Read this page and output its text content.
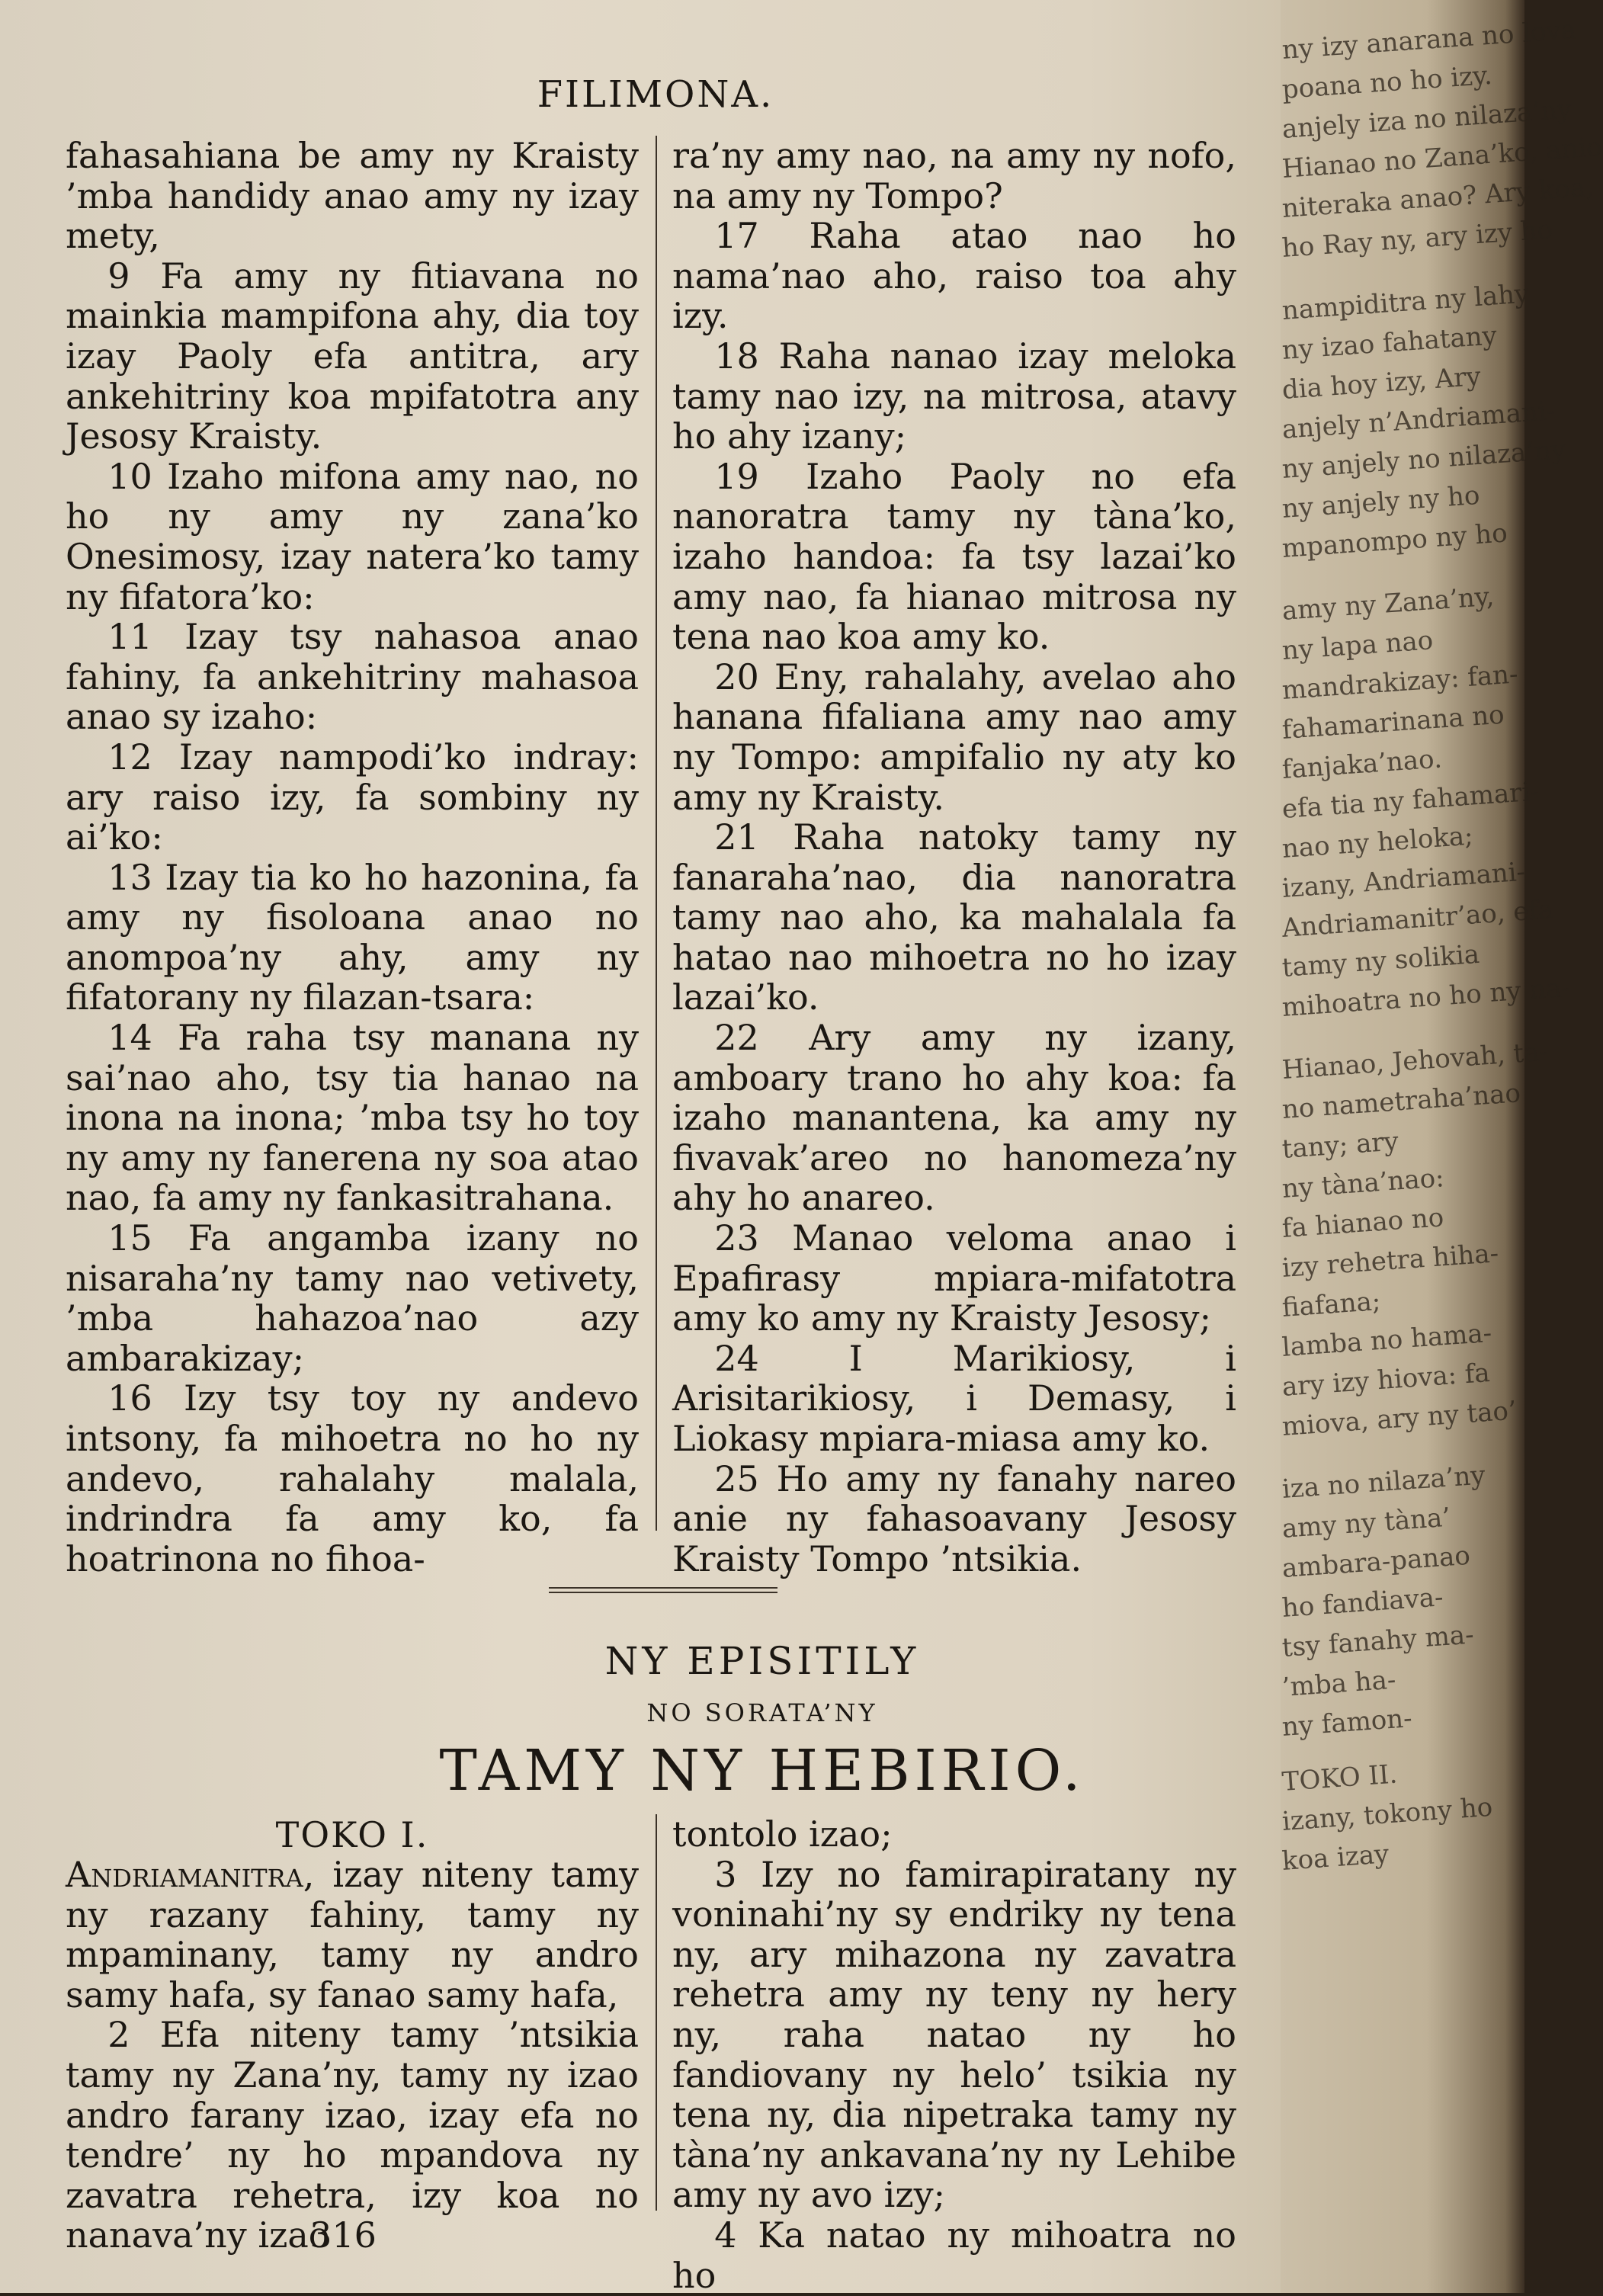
FILIMONA.

fahasahiana be amy ny Kraisty ’mba handidy anao amy ny izay mety,

9 Fa amy ny fitiavana no mainkia mampifona ahy, dia toy izay Paoly efa antitra, ary ankehitriny koa mpifatotra any Jesosy Kraisty.

10 Izaho mifona amy nao, no ho ny amy ny zana’ko Onesimosy, izay natera’ko tamy ny fifatora’ko:

11 Izay tsy nahasoa anao fahiny, fa ankehitriny mahasoa anao sy izaho:

12 Izay nampodi’ko indray: ary raiso izy, fa sombiny ny ai’ko:

13 Izay tia ko ho hazonina, fa amy ny fisoloana anao no anompoa’ny ahy, amy ny fifatorany ny filazan-tsara:

14 Fa raha tsy manana ny sai’nao aho, tsy tia hanao na inona na inona; ’mba tsy ho toy ny amy ny fanerena ny soa atao nao, fa amy ny fankasitrahana.

15 Fa angamba izany no nisaraha’ny tamy nao vetivety, ’mba hahazoa’nao azy ambarakizay;

16 Izy tsy toy ny andevo intsony, fa mihoetra no ho ny andevo, rahalahy malala, indrindra fa amy ko, fa hoatrinona no fihoa-

ra’ny amy nao, na amy ny nofo, na amy ny Tompo?

17 Raha atao nao ho nama’nao aho, raiso toa ahy izy.

18 Raha nanao izay meloka tamy nao izy, na mitrosa, atavy ho ahy izany;

19 Izaho Paoly no efa nanoratra tamy ny tàna’ko, izaho handoa: fa tsy lazai’ko amy nao, fa hianao mitrosa ny tena nao koa amy ko.

20 Eny, rahalahy, avelao aho hanana fifaliana amy nao amy ny Tompo: ampifalio ny aty ko amy ny Kraisty.

21 Raha natoky tamy ny fanaraha’nao, dia nanoratra tamy nao aho, ka mahalala fa hatao nao mihoetra no ho izay lazai’ko.

22 Ary amy ny izany, amboary trano ho ahy koa: fa izaho manantena, ka amy ny fivavak’areo no hanomeza’ny ahy ho anareo.

23 Manao veloma anao i Epafirasy mpiara-mifatotra amy ko amy ny Kraisty Jesosy;

24 I Marikiosy, i Arisitarikiosy, i Demasy, i Liokasy mpiara-miasa amy ko.

25 Ho amy ny fanahy nareo anie ny fahasoavany Jesosy Kraisty Tompo ’ntsikia.

NY EPISITILY
NO SORATA’NY
TAMY NY HEBIRIO.
TOKO I.

Andriamanitra, izay niteny tamy ny razany fahiny, tamy ny mpaminany, tamy ny andro samy hafa, sy fanao samy hafa,

2 Efa niteny tamy ’ntsikia tamy ny Zana’ny, tamy ny izao andro farany izao, izay efa no tendre’ ny ho mpandova ny zavatra rehetra, izy koa no nanava’ny izao

tontolo izao;

3 Izy no famirapiratany ny voninahi’ny sy endriky ny tena ny, ary mihazona ny zavatra rehetra amy ny teny ny hery ny, raha natao ny ho fandiovany ny helo’ tsikia ny tena ny, dia nipetraka tamy ny tàna’ny ankavana’ny ny Lehibe amy ny avo izy;

4 Ka natao ny mihoatra no ho

316
ny izy anarana no lova
poana no ho izy.
anjely iza no nilaza’ny
Hianao no Zana’ko, anio
niteraka anao? Ary koa,
ho Ray ny, ary izy ho
nampiditra ny lahy
ny izao fahatany
dia hoy izy, Ary
anjely n’Andriamani-
ny anjely no nilaza’ny
ny anjely ny ho
mpanompo ny ho
amy ny Zana’ny,
ny lapa nao
mandrakizay: fan-
fahamarinana no
fanjaka’nao.
efa tia ny fahamari-
nao ny heloka;
izany, Andriamani-
Andriamanitr’ao, efa
tamy ny solikia
mihoatra no ho ny na-
Hianao, Jehovah, ta-
no nametraha’nao
tany; ary
ny tàna’nao:
fa hianao no
izy rehetra hiha-
fiafana;
lamba no hama-
ary izy hiova: fa
miova, ary ny tao’
iza no nilaza’ny
amy ny tàna’
ambara-panao
ho fandiava-
tsy fanahy ma-
’mba ha-
ny famon-
TOKO II.
izany, tokony ho
koa izay
